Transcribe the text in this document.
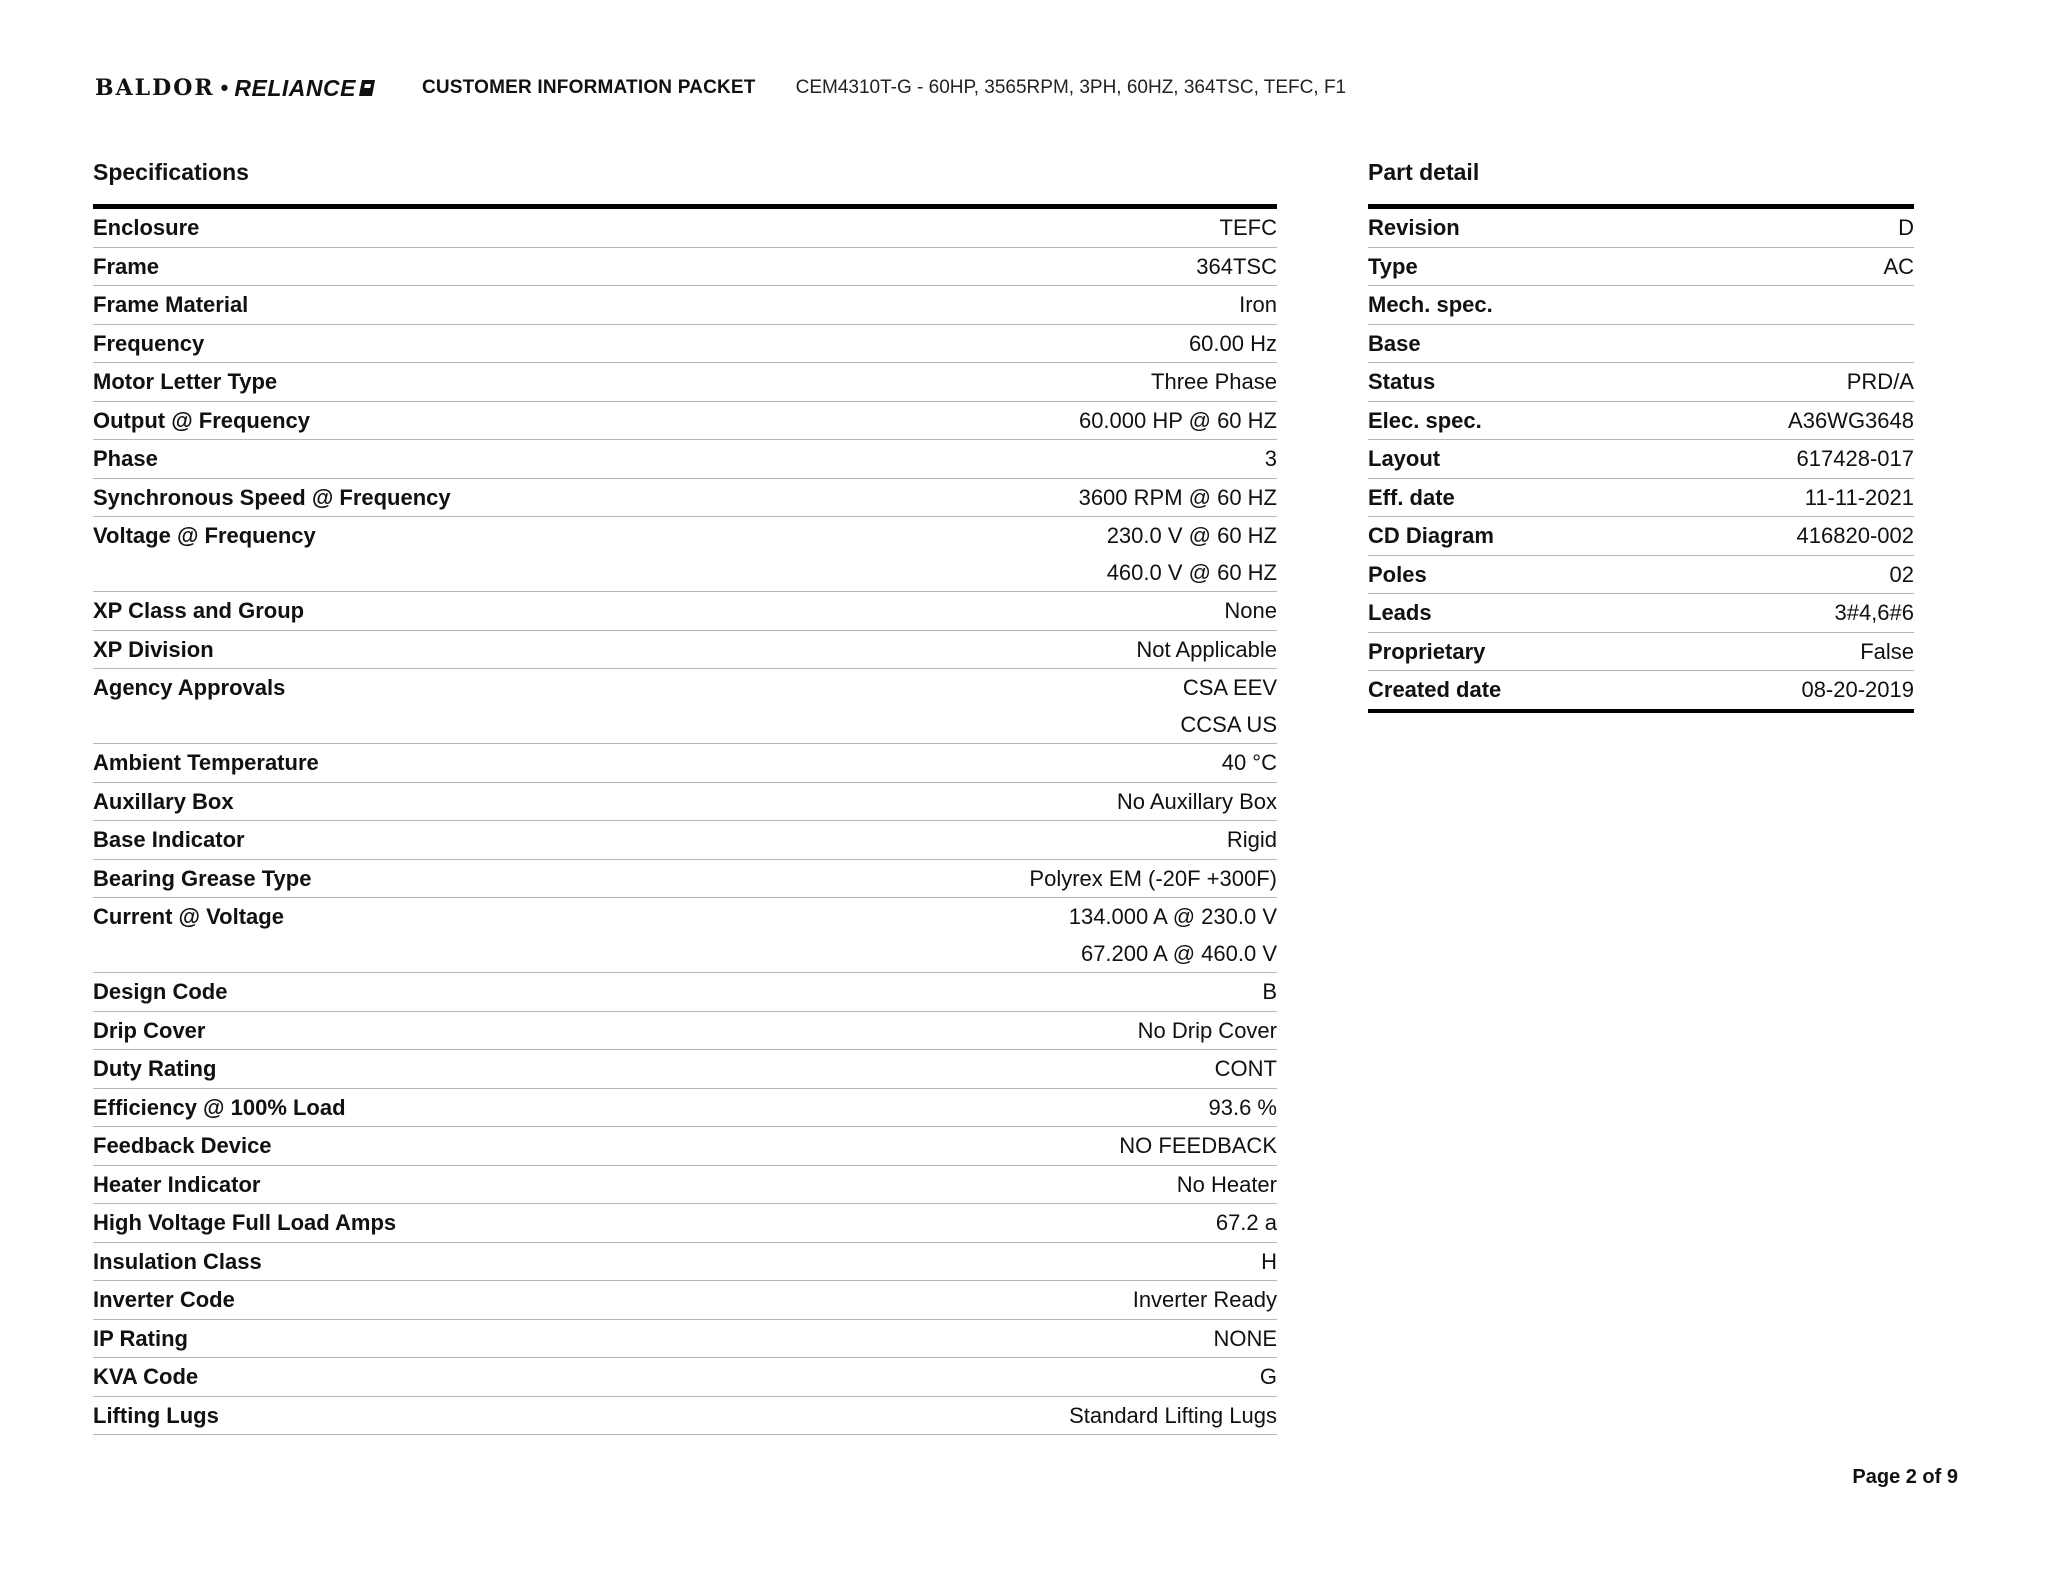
BALDOR • RELIANCE	CUSTOMER INFORMATION PACKET CEM4310T-G - 60HP, 3565RPM, 3PH, 60HZ, 364TSC, TEFC, F1
Specifications
Enclosure	TEFC
Frame	364TSC
Frame Material	Iron
Frequency	60.00 Hz
Motor Letter Type	Three Phase
Output @ Frequency	60.000 HP @ 60 HZ
Phase	3
Synchronous Speed @ Frequency	3600 RPM @ 60 HZ
Voltage @ Frequency	230.0 V @ 60 HZ
460.0 V @ 60 HZ
XP Class and Group	None
XP Division	Not Applicable
Agency Approvals	CSA EEV
CCSA US
Ambient Temperature	40 °C
Auxillary Box	No Auxillary Box
Base Indicator	Rigid
Bearing Grease Type	Polyrex EM (-20F +300F)
Current @ Voltage	134.000 A @ 230.0 V
67.200 A @ 460.0 V
Design Code	B
Drip Cover	No Drip Cover
Duty Rating	CONT
Efficiency @ 100% Load	93.6 %
Feedback Device	NO FEEDBACK
Heater Indicator	No Heater
High Voltage Full Load Amps	67.2 a
Insulation Class	H
Inverter Code	Inverter Ready
IP Rating	NONE
KVA Code	G
Lifting Lugs	Standard Lifting Lugs
Part detail
Revision	D
Type	AC
Mech. spec.
Base
Status	PRD/A
Elec. spec.	A36WG3648
Layout	617428-017
Eff. date	11-11-2021
CD Diagram	416820-002
Poles	02
Leads	3#4,6#6
Proprietary	False
Created date	08-20-2019
Page 2 of 9
